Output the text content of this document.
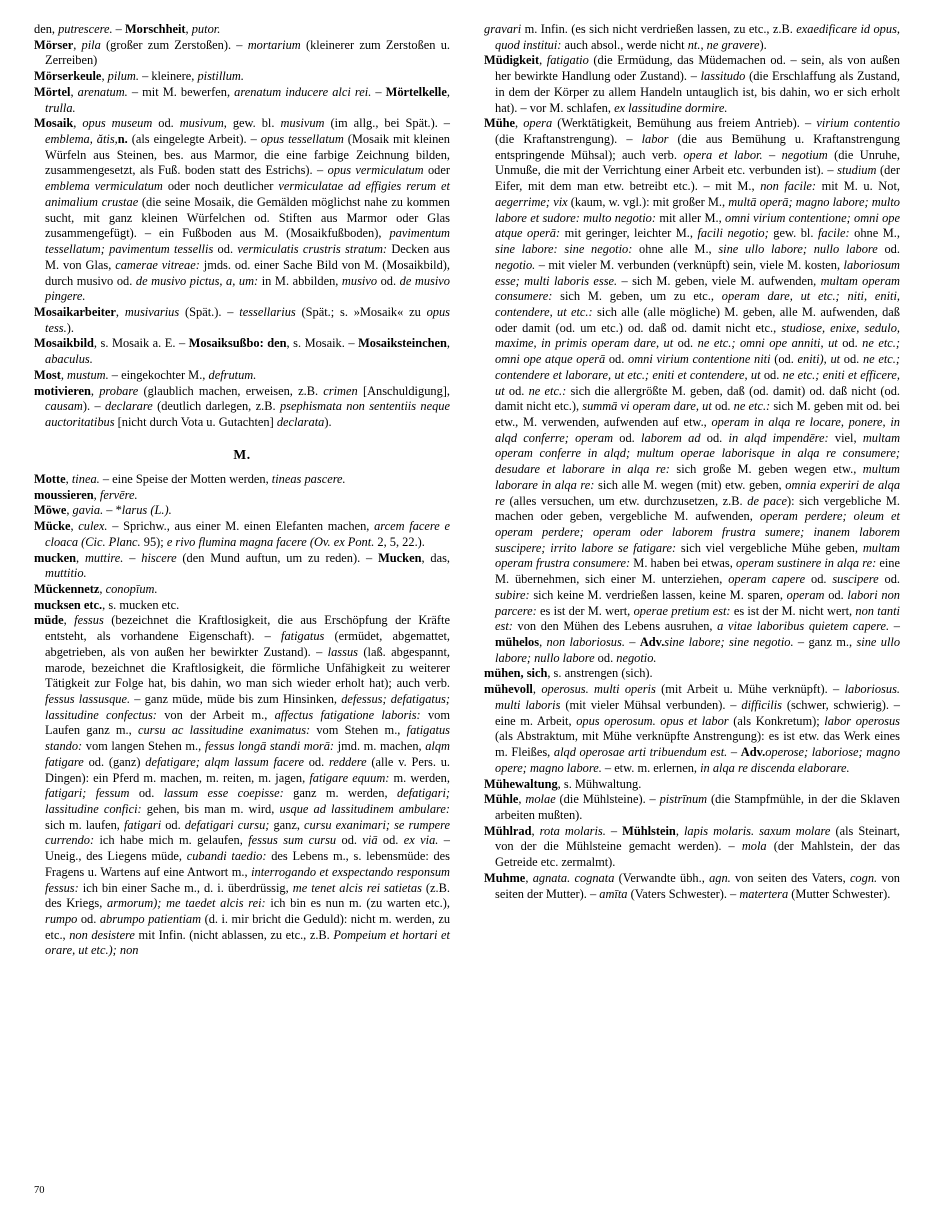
den, putrescere. – Morschheit, putor.

Mörser, pila (großer zum Zerstoßen). – mortarium (kleinerer zum Zerstoßen u. Zerreiben)

Mörserkeule, pilum. – kleinere, pistillum.

Mörtel, arenatum. – mit M. bewerfen, arenatum inducere alci rei. – Mörtelkelle, trulla.

Mosaik, opus museum od. musivum, gew. bl. musivum (im allg., bei Spät.). – emblema, ătis,n. (als eingelegte Arbeit). – opus tessellatum (Mosaik mit kleinen Würfeln aus Steinen, bes. aus Marmor, die eine farbige Zeichnung bilden, zusammengesetzt, als Fuß. boden statt des Estrichs). – opus vermiculatum oder emblema vermiculatum oder noch deutlicher vermiculatae ad effigies rerum et animalium crustae (die seine Mosaik, die Gemälden möglichst nahe zu kommen sucht, mit ganz kleinen Würfelchen od. Stiften aus Marmor oder Glas zusammengefügt). – ein Fußboden aus M. (Mosaikfußboden), pavimentum tessellatum; pavimentum tessellis od. vermiculatis crustris stratum: Decken aus M. von Glas, camerae vitreae: jmds. od. einer Sache Bild von M. (Mosaikbild), durch musivo od. de musivo pictus, a, um: in M. abbilden, musivo od. de musivo pingere.

Mosaikarbeiter, musivarius (Spät.). – tessellarius (Spät.; s. »Mosaik« zu opus tess.).

Mosaikbild, s. Mosaik a. E. – Mosaiksußbo: den, s. Mosaik. – Mosaiksteinchen, abaculus.

Most, mustum. – eingekochter M., defrutum.

motivieren, probare (glaublich machen, erweisen, z.B. crimen [Anschuldigung], causam). – declarare (deutlich darlegen, z.B. psephismata non sententiis neque auctoritatibus [nicht durch Vota u. Gutachten] declarata).

M.

Motte, tinea. – eine Speise der Motten werden, tineas pascere.

moussieren, fervēre.

Möwe, gavia. – *larus (L.).

Mücke, culex. – Sprichw., aus einer M. einen Elefanten machen, arcem facere e cloaca (Cic. Planc. 95); e rivo flumina magna facere (Ov. ex Pont. 2, 5, 22.).

mucken, muttire. – hiscere (den Mund auftun, um zu reden). – Mucken, das, muttitio.

Mückennetz, conopīum.

mucksen etc., s. mucken etc.

müde, fessus (bezeichnet die Kraftlosigkeit, die aus Erschöpfung der Kräfte entsteht, als vorhandene Eigenschaft). – fatigatus (ermüdet, abgemattet, abgetrieben, als von außen her bewirkter Zustand). – lassus (laß. abgespannt, marode, bezeichnet die Kraftlosigkeit, die förmliche Unfähigkeit zu weiterer Tätigkeit zur Folge hat, bis dahin, wo man sich wieder erholt hat); auch verb. fessus lassusque. – ganz müde, müde bis zum Hinsinken, defessus; defatigatus; lassitudine confectus: von der Arbeit m., affectus fatigatione laboris: vom Laufen ganz m., cursu ac lassitudine exanimatus: vom Stehen m., fatigatus stando: vom langen Stehen m., fessus longā standi morā: jmd. m. machen, alqm fatigare od. (ganz) defatigare; alqm lassum facere od. reddere (alle v. Pers. u. Dingen): ein Pferd m. machen, m. reiten, m. jagen, fatigare equum: m. werden, fatigari; fessum od. lassum esse coepisse: ganz m. werden, defatigari; lassitudine confici: gehen, bis man m. wird, usque ad lassitudinem ambulare: sich m. laufen, fatigari od. defatigari cursu; ganz, cursu exanimari; se rumpere currendo: ich habe mich m. gelaufen, fessus sum cursu od. viā od. ex via. – Uneig., des Liegens müde, cubandi taedio: des Lebens m., s. lebensmüde: des Fragens u. Wartens auf eine Antwort m., interrogando et exspectando responsum fessus: ich bin einer Sache m., d. i. überdrüssig, me tenet alcis rei satietas (z.B. des Kriegs, armorum); me taedet alcis rei: ich bin es nun m. (zu warten etc.), rumpo od. abrumpo patientiam (d. i. mir bricht die Geduld): nicht m. werden, zu etc., non desistere mit Infin. (nicht ablassen, zu etc., z.B. Pompeium et hortari et orare, ut etc.); non

gravari m. Infin. (es sich nicht verdrießen lassen, zu etc., z.B. exaedificare id opus, quod institui: auch absol., werde nicht nt., ne gravere).

Müdigkeit, fatigatio (die Ermüdung, das Müdemachen od. – sein, als von außen her bewirkte Handlung oder Zustand). – lassitudo (die Erschlaffung als Zustand, in dem der Körper zu allem Handeln untauglich ist, bis dahin, wo er sich erholt hat). – vor M. schlafen, ex lassitudine dormire.

Mühe, opera (Werktätigkeit, Bemühung aus freiem Antrieb). – virium contentio (die Kraftanstrengung). – labor (die aus Bemühung u. Kraftanstrengung entspringende Mühsal); auch verb. opera et labor. – negotium (die Unruhe, Unmuße, die mit der Verrichtung einer Arbeit etc. verbunden ist). – studium (der Eifer, mit dem man etw. betreibt etc.). – mit M., non facile: mit M. u. Not, aegerrime; vix (kaum, w. vgl.): mit großer M., multā operā; magno labore; multo labore et sudore: multo negotio: mit aller M., omni virium contentione; omni ope atque operā: mit geringer, leichter M., facili negotio; gew. bl. facile: ohne M., sine labore: sine negotio: ohne alle M., sine ullo labore; nullo labore od. negotio. – mit vieler M. verbunden (verknüpft) sein, viele M. kosten, laboriosum esse; multi laboris esse. – sich M. geben, viele M. aufwenden, multam operam consumere: sich M. geben, um zu etc., operam dare, ut etc.; niti, eniti, contendere, ut etc.: sich alle (alle mögliche) M. geben, alle M. aufwenden, daß oder damit (od. um etc.) od. daß od. damit nicht etc., studiose, enixe, sedulo, maxime, in primis operam dare, ut od. ne etc.; omni ope anniti, ut od. ne etc.; omni ope atque operā od. omni virium contentione niti (od. eniti), ut od. ne etc.; contendere et laborare, ut etc.; eniti et contendere, ut od. ne etc.; eniti et efficere, ut od. ne etc.: sich die allergrößte M. geben, daß (od. damit) od. daß nicht (od. damit nicht etc.), summā vi operam dare, ut od. ne etc.: sich M. geben mit od. bei etw., M. verwenden, aufwenden auf etw., operam in alqa re locare, ponere, in alqd conferre; operam od. laborem ad od. in alqd impendēre: viel, multam operam conferre in alqd; multum operae laborisque in alqa re consumere; desudare et laborare in alqa re: sich große M. geben wegen etw., multum laborare in alqa re: sich alle M. wegen (mit) etw. geben, omnia experiri de alqa re (alles versuchen, um etw. durchzusetzen, z.B. de pace): sich vergebliche M. machen oder geben, vergebliche M. aufwenden, operam perdere; oleum et operam perdere; operam oder laborem frustra sumere; inanem laborem suscipere; irrito labore se fatigare: sich viel vergebliche Mühe geben, multam operam frustra consumere: M. haben bei etwas, operam sustinere in alqa re: eine M. übernehmen, sich einer M. unterziehen, operam capere od. suscipere od. subire: sich keine M. verdrießen lassen, keine M. sparen, operam od. labori non parcere: es ist der M. wert, operae pretium est: es ist der M. nicht wert, non tanti est: von den Mühen des Lebens ausruhen, a vitae laboribus quietem capere. – mühelos, non laboriosus. – Adv.sine labore; sine negotio. – ganz m., sine ullo labore; nullo labore od. negotio.

mühen, sich, s. anstrengen (sich).

mühevoll, operosus. multi operis (mit Arbeit u. Mühe verknüpft). – laboriosus. multi laboris (mit vieler Mühsal verbunden). – difficilis (schwer, schwierig). – eine m. Arbeit, opus operosum. opus et labor (als Konkretum); labor operosus (als Abstraktum, mit Mühe verknüpfte Anstrengung): es ist etw. das Werk eines m. Fleißes, alqd operosae arti tribuendum est. – Adv.operose; laboriose; magno opere; magno labore. – etw. m. erlernen, in alqa re discenda elaborare.

Mühewaltung, s. Mühwaltung.

Mühle, molae (die Mühlsteine). – pistrīnum (die Stampfmühle, in der die Sklaven arbeiten mußten).

Mühlrad, rota molaris. – Mühlstein, lapis molaris. saxum molare (als Steinart, von der die Mühlsteine gemacht werden). – mola (der Mahlstein, der das Getreide etc. zermalmt).

Muhme, agnata. cognata (Verwandte übh., agn. von seiten des Vaters, cogn. von seiten der Mutter). – amīta (Vaters Schwester). – matertera (Mutter Schwester).

70
